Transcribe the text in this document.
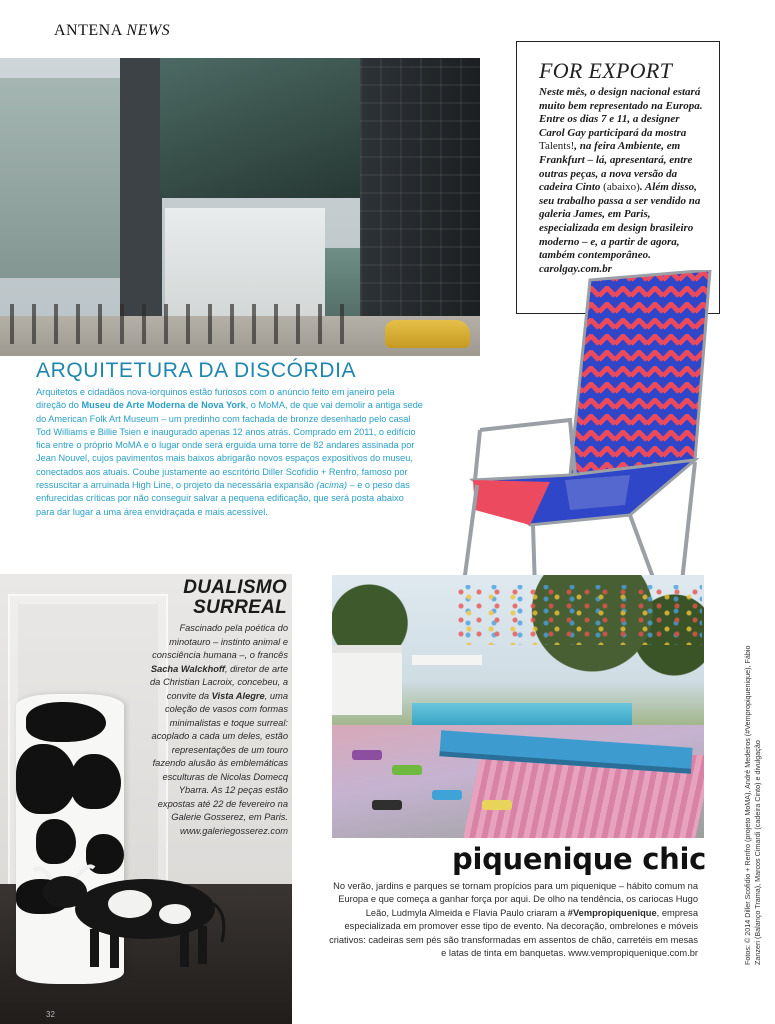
ANTENA NEWS
FOR EXPORT
Neste mês, o design nacional estará muito bem representado na Europa. Entre os dias 7 e 11, a designer Carol Gay participará da mostra Talents!, na feira Ambiente, em Frankfurt – lá, apresentará, entre outras peças, a nova versão da cadeira Cinto (abaixo). Além disso, seu trabalho passa a ser vendido na galeria James, em Paris, especializada em design brasileiro moderno – e, a partir de agora, também contemporâneo. carolgay.com.br
ARQUITETURA DA DISCÓRDIA
Arquitetos e cidadãos nova-iorquinos estão furiosos com o anúncio feito em janeiro pela direção do Museu de Arte Moderna de Nova York, o MoMA, de que vai demolir a antiga sede do American Folk Art Museum – um predinho com fachada de bronze desenhado pelo casal Tod Williams e Billie Tsien e inaugurado apenas 12 anos atrás. Comprado em 2011, o edifício fica entre o próprio MoMA e o lugar onde será erguida uma torre de 82 andares assinada por Jean Nouvel, cujos pavimentos mais baixos abrigarão novos espaços expositivos do museu, conectados aos atuais. Coube justamente ao escritório Diller Scofidio + Renfro, famoso por ressuscitar a arruinada High Line, o projeto da necessária expansão (acima) – e o peso das enfurecidas críticas por não conseguir salvar a pequena edificação, que será posta abaixo para dar lugar a uma área envidraçada e mais acessível.
DUALISMO
SURREAL
Fascinado pela poética do minotauro – instinto animal e consciência humana –, o francês Sacha Walckhoff, diretor de arte da Christian Lacroix, concebeu, a convite da Vista Alegre, uma coleção de vasos com formas minimalistas e toque surreal: acoplado a cada um deles, estão representações de um touro fazendo alusão às emblemáticas esculturas de Nicolas Domecq Ybarra. As 12 peças estão expostas até 22 de fevereiro na Galerie Gosserez, em Paris. www.galeriegosserez.com
piquenique chic
No verão, jardins e parques se tornam propícios para um piquenique – hábito comum na Europa e que começa a ganhar força por aqui. De olho na tendência, os cariocas Hugo Leão, Ludmyla Almeida e Flavia Paulo criaram a #Vempropiquenique, empresa especializada em promover esse tipo de evento. Na decoração, ombrelones e móveis criativos: cadeiras sem pés são transformadas em assentos de chão, carretéis em mesas e latas de tinta em banquetas. www.vempropiquenique.com.br	Fotos: © 2014 Diller Scofidio + Renfro (projeto MoMA), André Medeiros (#Vempropiquenique), Fábio Zanzeri (Balanço Trama), Marcos Cimardi (cadeira Cinto) e divulgação
32
